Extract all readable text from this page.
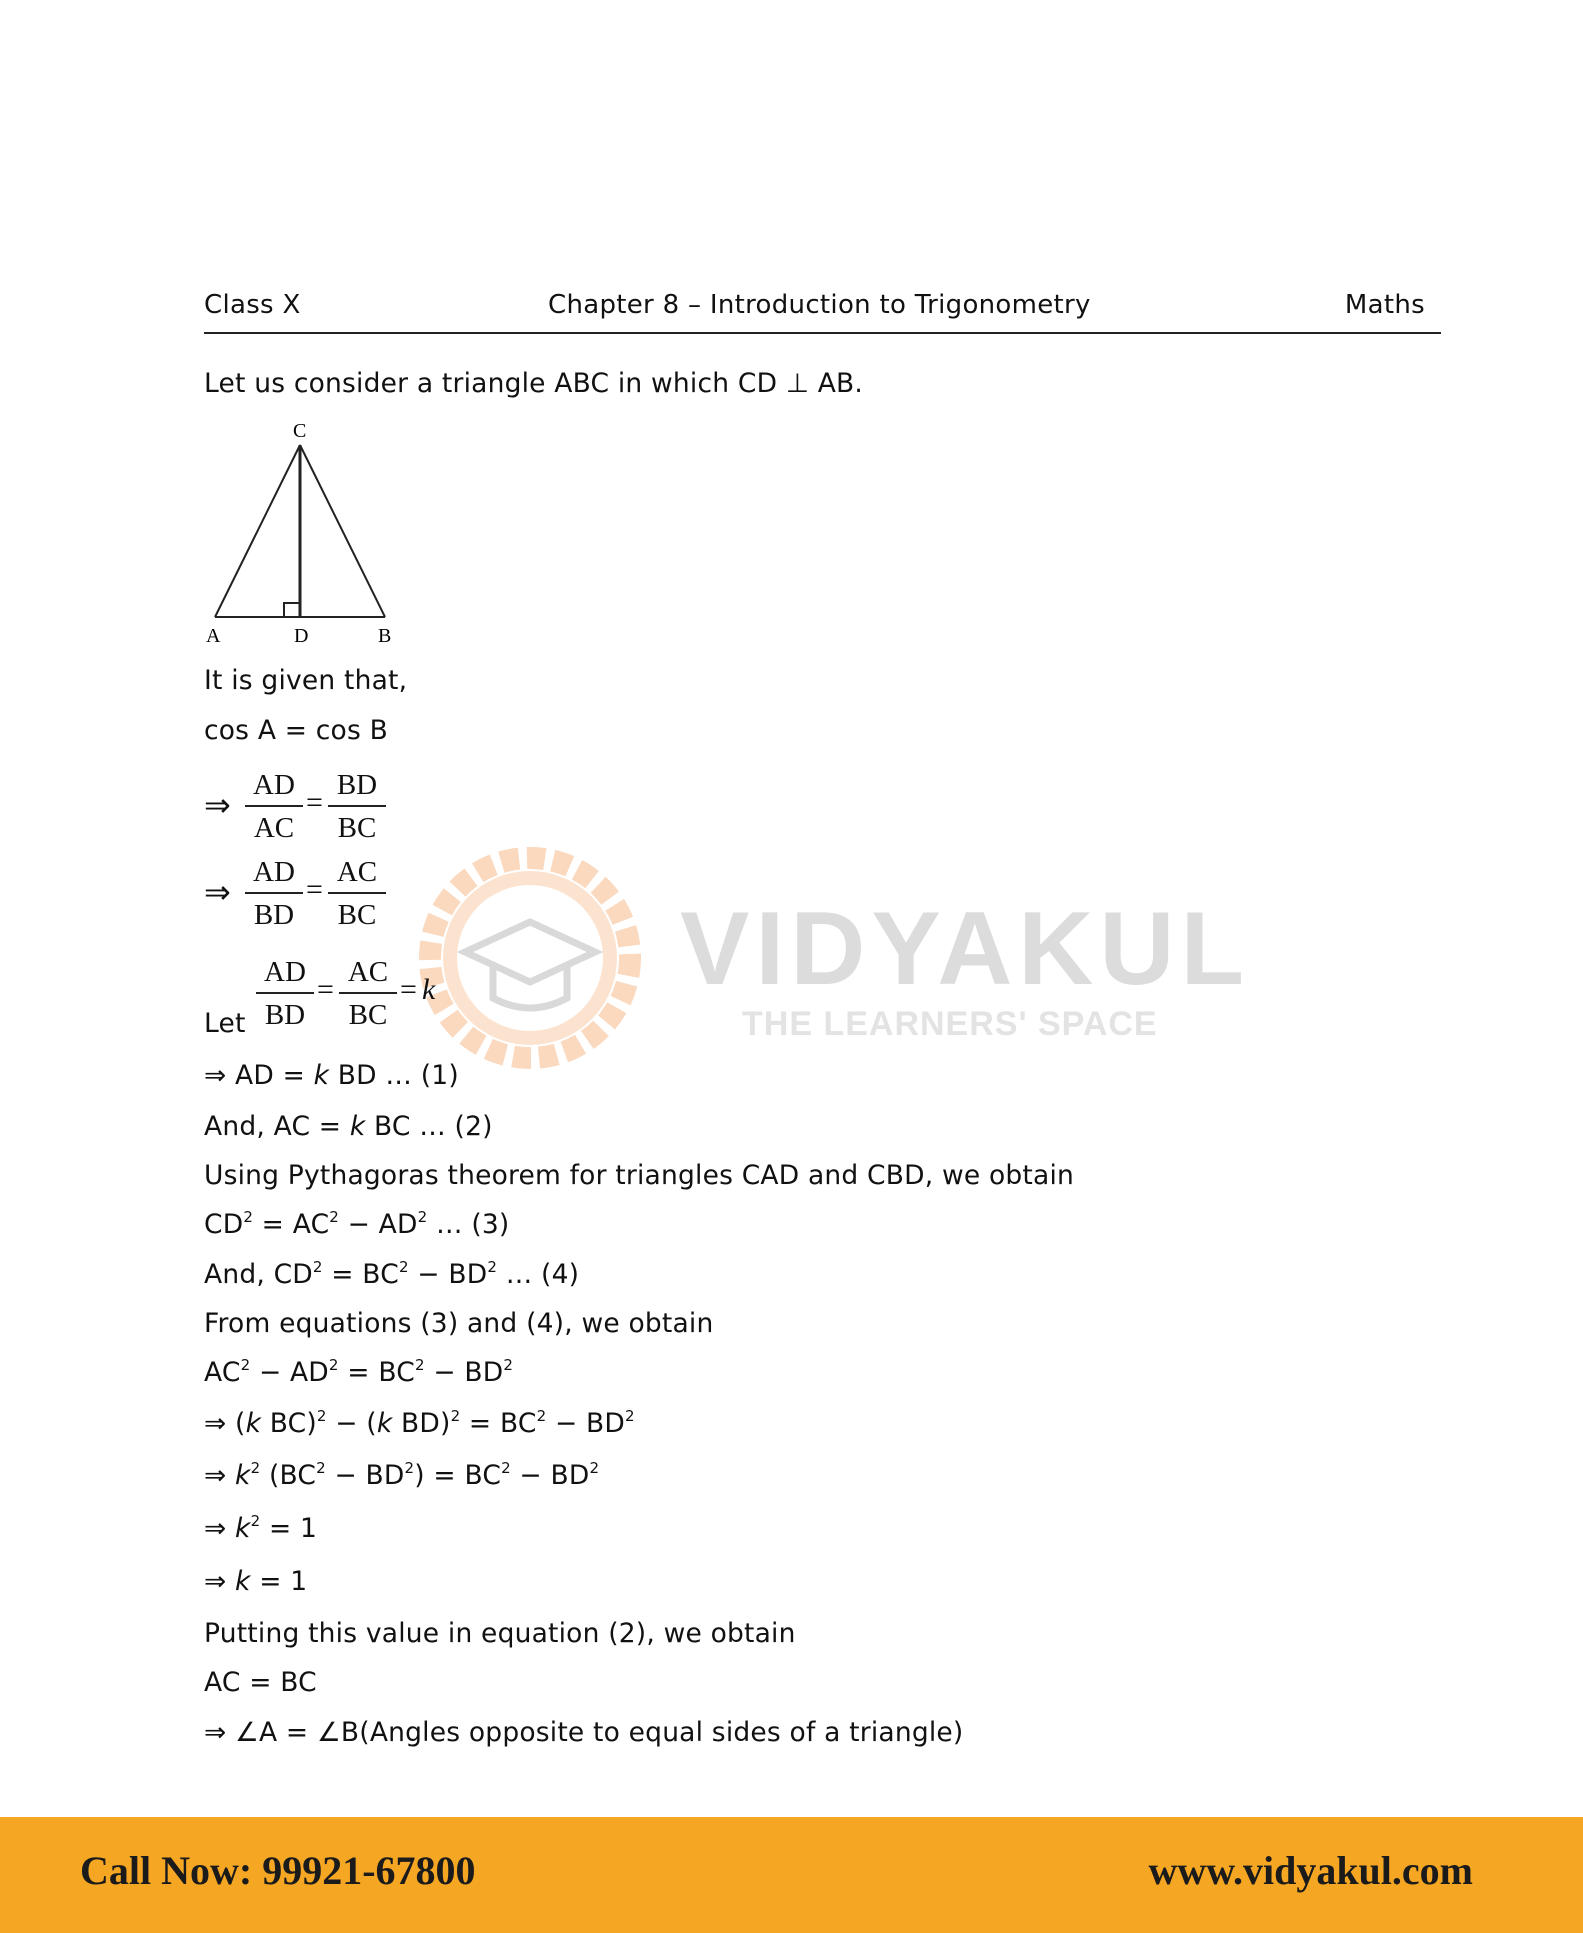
Class X	Chapter 8 – Introduction to Trigonometry	Maths
VIDYAKUL
THE LEARNERS' SPACE
Let us consider a triangle ABC in which CD ⊥ AB.
C
A	D	B
It is given that,
cos A = cos B
⇒
AD
AC
=
BD
BC
⇒
AD
BD
=
AC
BC
Let
AD
BD
=
AC
BC
= k
⇒ AD = k BD … (1)
And, AC = k BC … (2)
Using Pythagoras theorem for triangles CAD and CBD, we obtain
$CD^2 = AC^2 - AD^2$ … (3)
And, $CD^2 = BC^2 - BD^2$ … (4)
From equations (3) and (4), we obtain
$AC^2 - AD^2 = BC^2 - BD^2$
⇒ (k BC)$^2$ − (k $BD)^2 = BC^2 - BD^2$
⇒ $k^2$ $(BC^2 - BD^2) = BC^2 - BD^2$
⇒ $k^2 = 1$
⇒ k = 1
Putting this value in equation (2), we obtain
AC = BC
⇒ ∠A = ∠B(Angles opposite to equal sides of a triangle)
Call Now: 99921-67800	www.vidyakul.com
